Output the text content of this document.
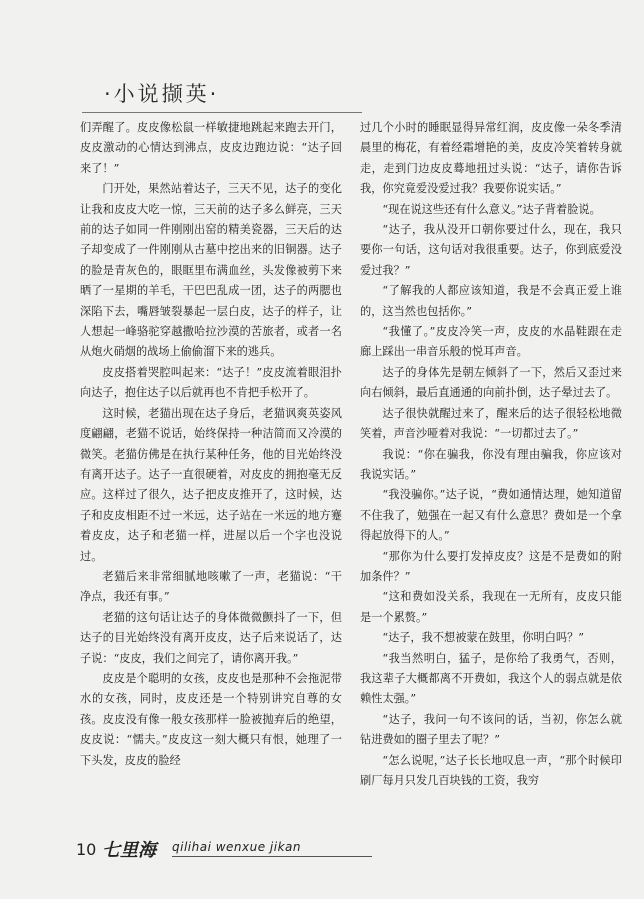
·小说撷英·

们弄醒了。皮皮像松鼠一样敏捷地跳起来跑去开门，皮皮激动的心情达到沸点，皮皮边跑边说：“达子回来了！”

门开处，果然站着达子，三天不见，达子的变化让我和皮皮大吃一惊，三天前的达子多么鲜亮，三天前的达子如同一件刚刚出窑的精美瓷器，三天后的达子却变成了一件刚刚从古墓中挖出来的旧铜器。达子的脸是青灰色的，眼眶里布满血丝，头发像被剪下来晒了一星期的羊毛，干巴巴乱成一团，达子的两腮也深陷下去，嘴唇皱裂暴起一层白皮，达子的样子，让人想起一峰骆驼穿越撒哈拉沙漠的苦旅者，或者一名从炮火硝烟的战场上偷偷溜下来的逃兵。

皮皮搭着哭腔叫起来：“达子！”皮皮流着眼泪扑向达子，抱住达子以后就再也不肯把手松开了。

这时候，老猫出现在达子身后，老猫讽爽英姿风度翩翩，老猫不说话，始终保持一种洁简而又冷漠的微笑。老猫仿佛是在执行某种任务，他的目光始终没有离开达子。达子一直很硬着，对皮皮的拥抱毫无反应。这样过了很久，达子把皮皮推开了，这时候，达子和皮皮相距不过一米远，达子站在一米远的地方蹇着皮皮，达子和老猫一样，进屋以后一个字也没说过。

老猫后来非常细腻地咳嗽了一声，老猫说：“干净点，我还有事。”

老猫的这句话让达子的身体微微颤抖了一下，但达子的目光始终没有离开皮皮，达子后来说话了，达子说：“皮皮，我们之间完了，请你离开我。”

皮皮是个聪明的女孩，皮皮也是那种不会拖泥带水的女孩，同时，皮皮还是一个特别讲究自尊的女孩。皮皮没有像一般女孩那样一脸被抛弃后的绝望，皮皮说：“懦夫。”皮皮这一刻大概只有恨，她理了一下头发，皮皮的脸经

过几个小时的睡眠显得异常红润，皮皮像一朵冬季清晨里的梅花，有着经霜增艳的美，皮皮冷笑着转身就走，走到门边皮皮蓦地扭过头说：“达子，请你告诉我，你究竟爱没爱过我？我要你说实话。”

“现在说这些还有什么意义。”达子背着脸说。

“达子，我从没开口朝你要过什么，现在，我只要你一句话，这句话对我很重要。达子，你到底爱没爱过我？”

“了解我的人都应该知道，我是不会真正爱上谁的，这当然也包括你。”

“我懂了。”皮皮冷笑一声，皮皮的水晶鞋跟在走廊上踩出一串音乐般的悦耳声音。

达子的身体先是朝左倾斜了一下，然后又歪过来向右倾斜，最后直通通的向前扑倒，达子晕过去了。

达子很快就醒过来了，醒来后的达子很轻松地微笑着，声音沙哑着对我说：“一切都过去了。”

我说：“你在骗我，你没有理由骗我，你应该对我说实话。”

“我没骗你。”达子说，“费如通情达理，她知道留不住我了，勉强在一起又有什么意思？费如是一个拿得起放得下的人。”

“那你为什么要打发掉皮皮？这是不是费如的附加条件？”

“这和费如没关系，我现在一无所有，皮皮只能是一个累赘。”

“达子，我不想被蒙在鼓里，你明白吗？”

“我当然明白，猛子，是你给了我勇气，否则，我这辈子大概都离不开费如，我这个人的弱点就是依赖性太强。”

“达子，我问一句不该问的话，当初，你怎么就钻进费如的圈子里去了呢？”

“怎么说呢，”达子长长地叹息一声，“那个时候印刷厂每月只发几百块钱的工资，我穷

10 七里海 qilihai wenxue jikan
